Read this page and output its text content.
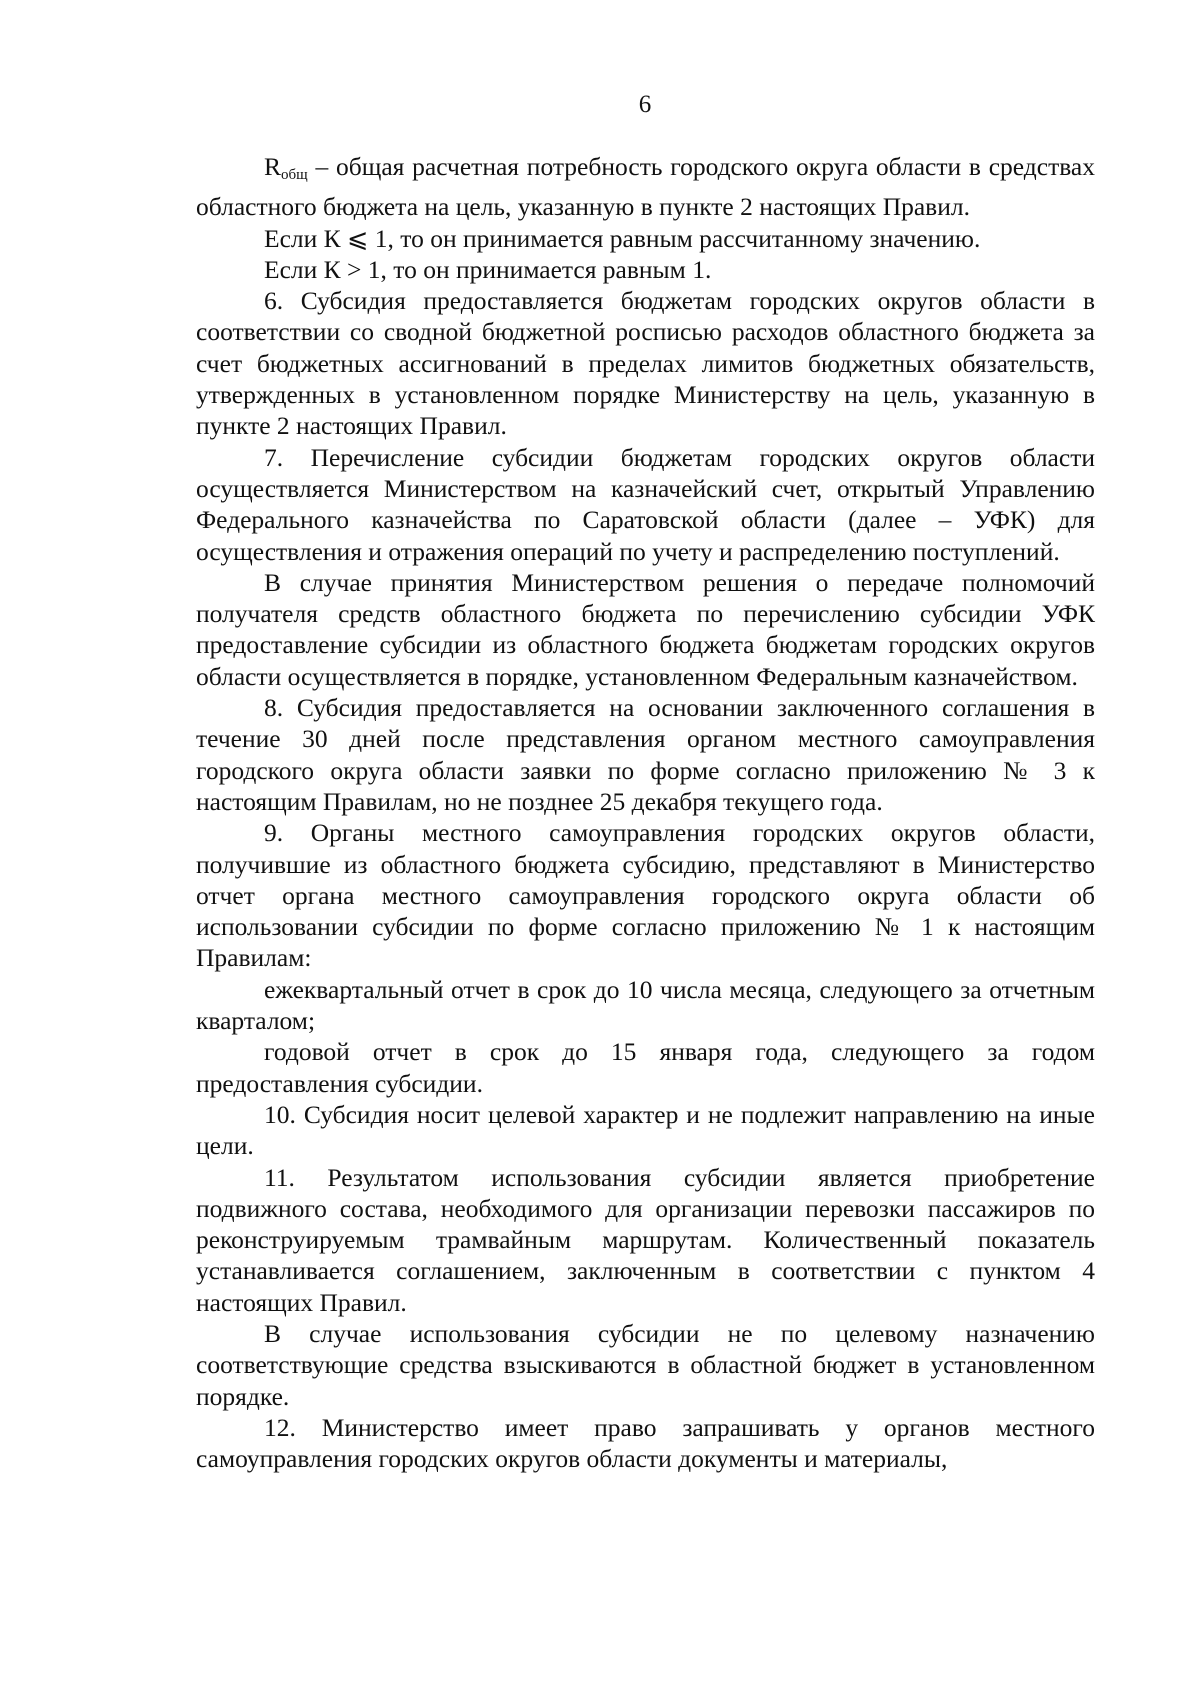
6

$R_{общ}$ – общая расчетная потребность городского округа области в средствах областного бюджета на цель, указанную в пункте 2 настоящих Правил.

Если К ⩽ 1, то он принимается равным рассчитанному значению.

Если К > 1, то он принимается равным 1.

6. Субсидия предоставляется бюджетам городских округов области в соответствии со сводной бюджетной росписью расходов областного бюджета за счет бюджетных ассигнований в пределах лимитов бюджетных обязательств, утвержденных в установленном порядке Министерству на цель, указанную в пункте 2 настоящих Правил.

7. Перечисление субсидии бюджетам городских округов области осуществляется Министерством на казначейский счет, открытый Управлению Федерального казначейства по Саратовской области (далее – УФК) для осуществления и отражения операций по учету и распределению поступлений.

В случае принятия Министерством решения о передаче полномочий получателя средств областного бюджета по перечислению субсидии УФК предоставление субсидии из областного бюджета бюджетам городских округов области осуществляется в порядке, установленном Федеральным казначейством.

8. Субсидия предоставляется на основании заключенного соглашения в течение 30 дней после представления органом местного самоуправления городского округа области заявки по форме согласно приложению № 3 к настоящим Правилам, но не позднее 25 декабря текущего года.

9. Органы местного самоуправления городских округов области, получившие из областного бюджета субсидию, представляют в Министерство отчет органа местного самоуправления городского округа области об использовании субсидии по форме согласно приложению № 1 к настоящим Правилам:

ежеквартальный отчет в срок до 10 числа месяца, следующего за отчетным кварталом;

годовой отчет в срок до 15 января года, следующего за годом предоставления субсидии.

10. Субсидия носит целевой характер и не подлежит направлению на иные цели.

11. Результатом использования субсидии является приобретение подвижного состава, необходимого для организации перевозки пассажиров по реконструируемым трамвайным маршрутам. Количественный показатель устанавливается соглашением, заключенным в соответствии с пунктом 4 настоящих Правил.

В случае использования субсидии не по целевому назначению соответствующие средства взыскиваются в областной бюджет в установленном порядке.

12. Министерство имеет право запрашивать у органов местного самоуправления городских округов области документы и материалы,
